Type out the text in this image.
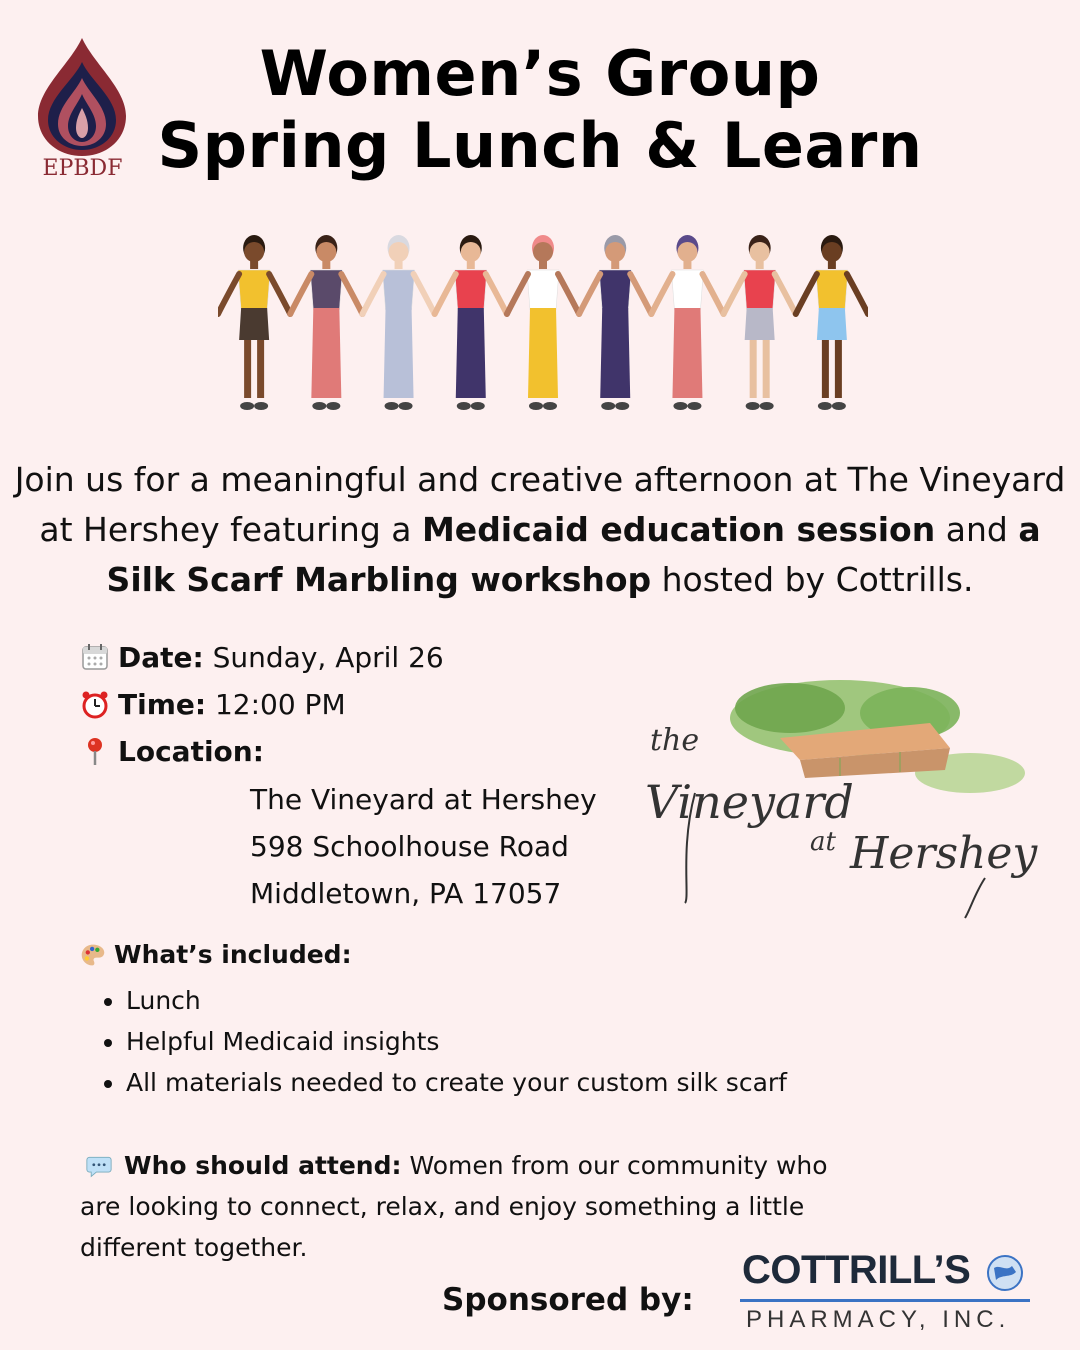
EPBDF
Women’s Group
Spring Lunch & Learn
Join us for a meaningful and creative afternoon at The Vineyard at Hershey featuring a Medicaid education session and a Silk Scarf Marbling workshop hosted by Cottrills.
Date: Sunday, April 26
Time: 12:00 PM
Location:
The Vineyard at Hershey
598 Schoolhouse Road
Middletown, PA 17057
the
Vineyard
at Hershey
What’s included:
• Lunch
• Helpful Medicaid insights
• All materials needed to create your custom silk scarf
Who should attend: Women from our community who are looking to connect, relax, and enjoy something a little different together.
Sponsored by:
COTTRILL’S
PHARMACY, INC.
